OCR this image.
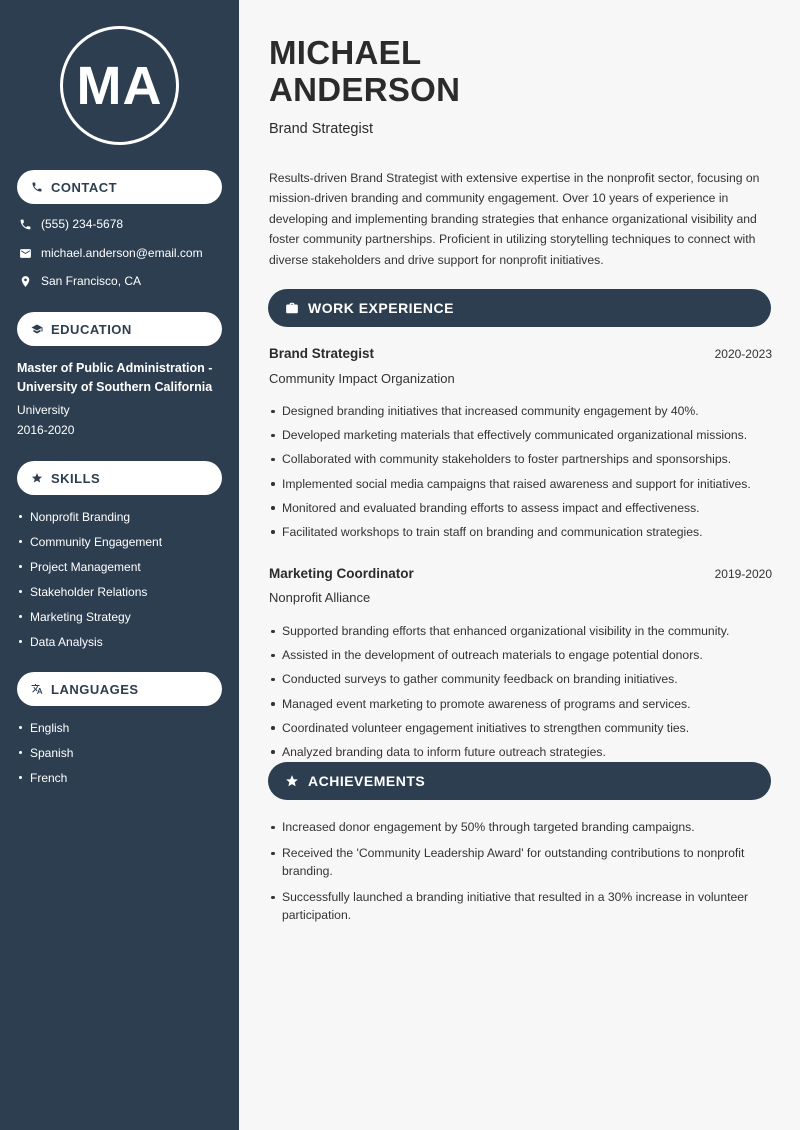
MA
CONTACT
(555) 234-5678
michael.anderson@email.com
San Francisco, CA
EDUCATION
Master of Public Administration - University of Southern California
University
2016-2020
SKILLS
Nonprofit Branding
Community Engagement
Project Management
Stakeholder Relations
Marketing Strategy
Data Analysis
LANGUAGES
English
Spanish
French
MICHAEL
ANDERSON
Brand Strategist

Results-driven Brand Strategist with extensive expertise in the nonprofit sector, focusing on mission-driven branding and community engagement. Over 10 years of experience in developing and implementing branding strategies that enhance organizational visibility and foster community partnerships. Proficient in utilizing storytelling techniques to connect with diverse stakeholders and drive support for nonprofit initiatives.

WORK EXPERIENCE
Brand Strategist	2020-2023
Community Impact Organization
Designed branding initiatives that increased community engagement by 40%.
Developed marketing materials that effectively communicated organizational missions.
Collaborated with community stakeholders to foster partnerships and sponsorships.
Implemented social media campaigns that raised awareness and support for initiatives.
Monitored and evaluated branding efforts to assess impact and effectiveness.
Facilitated workshops to train staff on branding and communication strategies.
Marketing Coordinator	2019-2020
Nonprofit Alliance
Supported branding efforts that enhanced organizational visibility in the community.
Assisted in the development of outreach materials to engage potential donors.
Conducted surveys to gather community feedback on branding initiatives.
Managed event marketing to promote awareness of programs and services.
Coordinated volunteer engagement initiatives to strengthen community ties.
Analyzed branding data to inform future outreach strategies.
ACHIEVEMENTS
Increased donor engagement by 50% through targeted branding campaigns.
Received the 'Community Leadership Award' for outstanding contributions to nonprofit branding.
Successfully launched a branding initiative that resulted in a 30% increase in volunteer participation.
